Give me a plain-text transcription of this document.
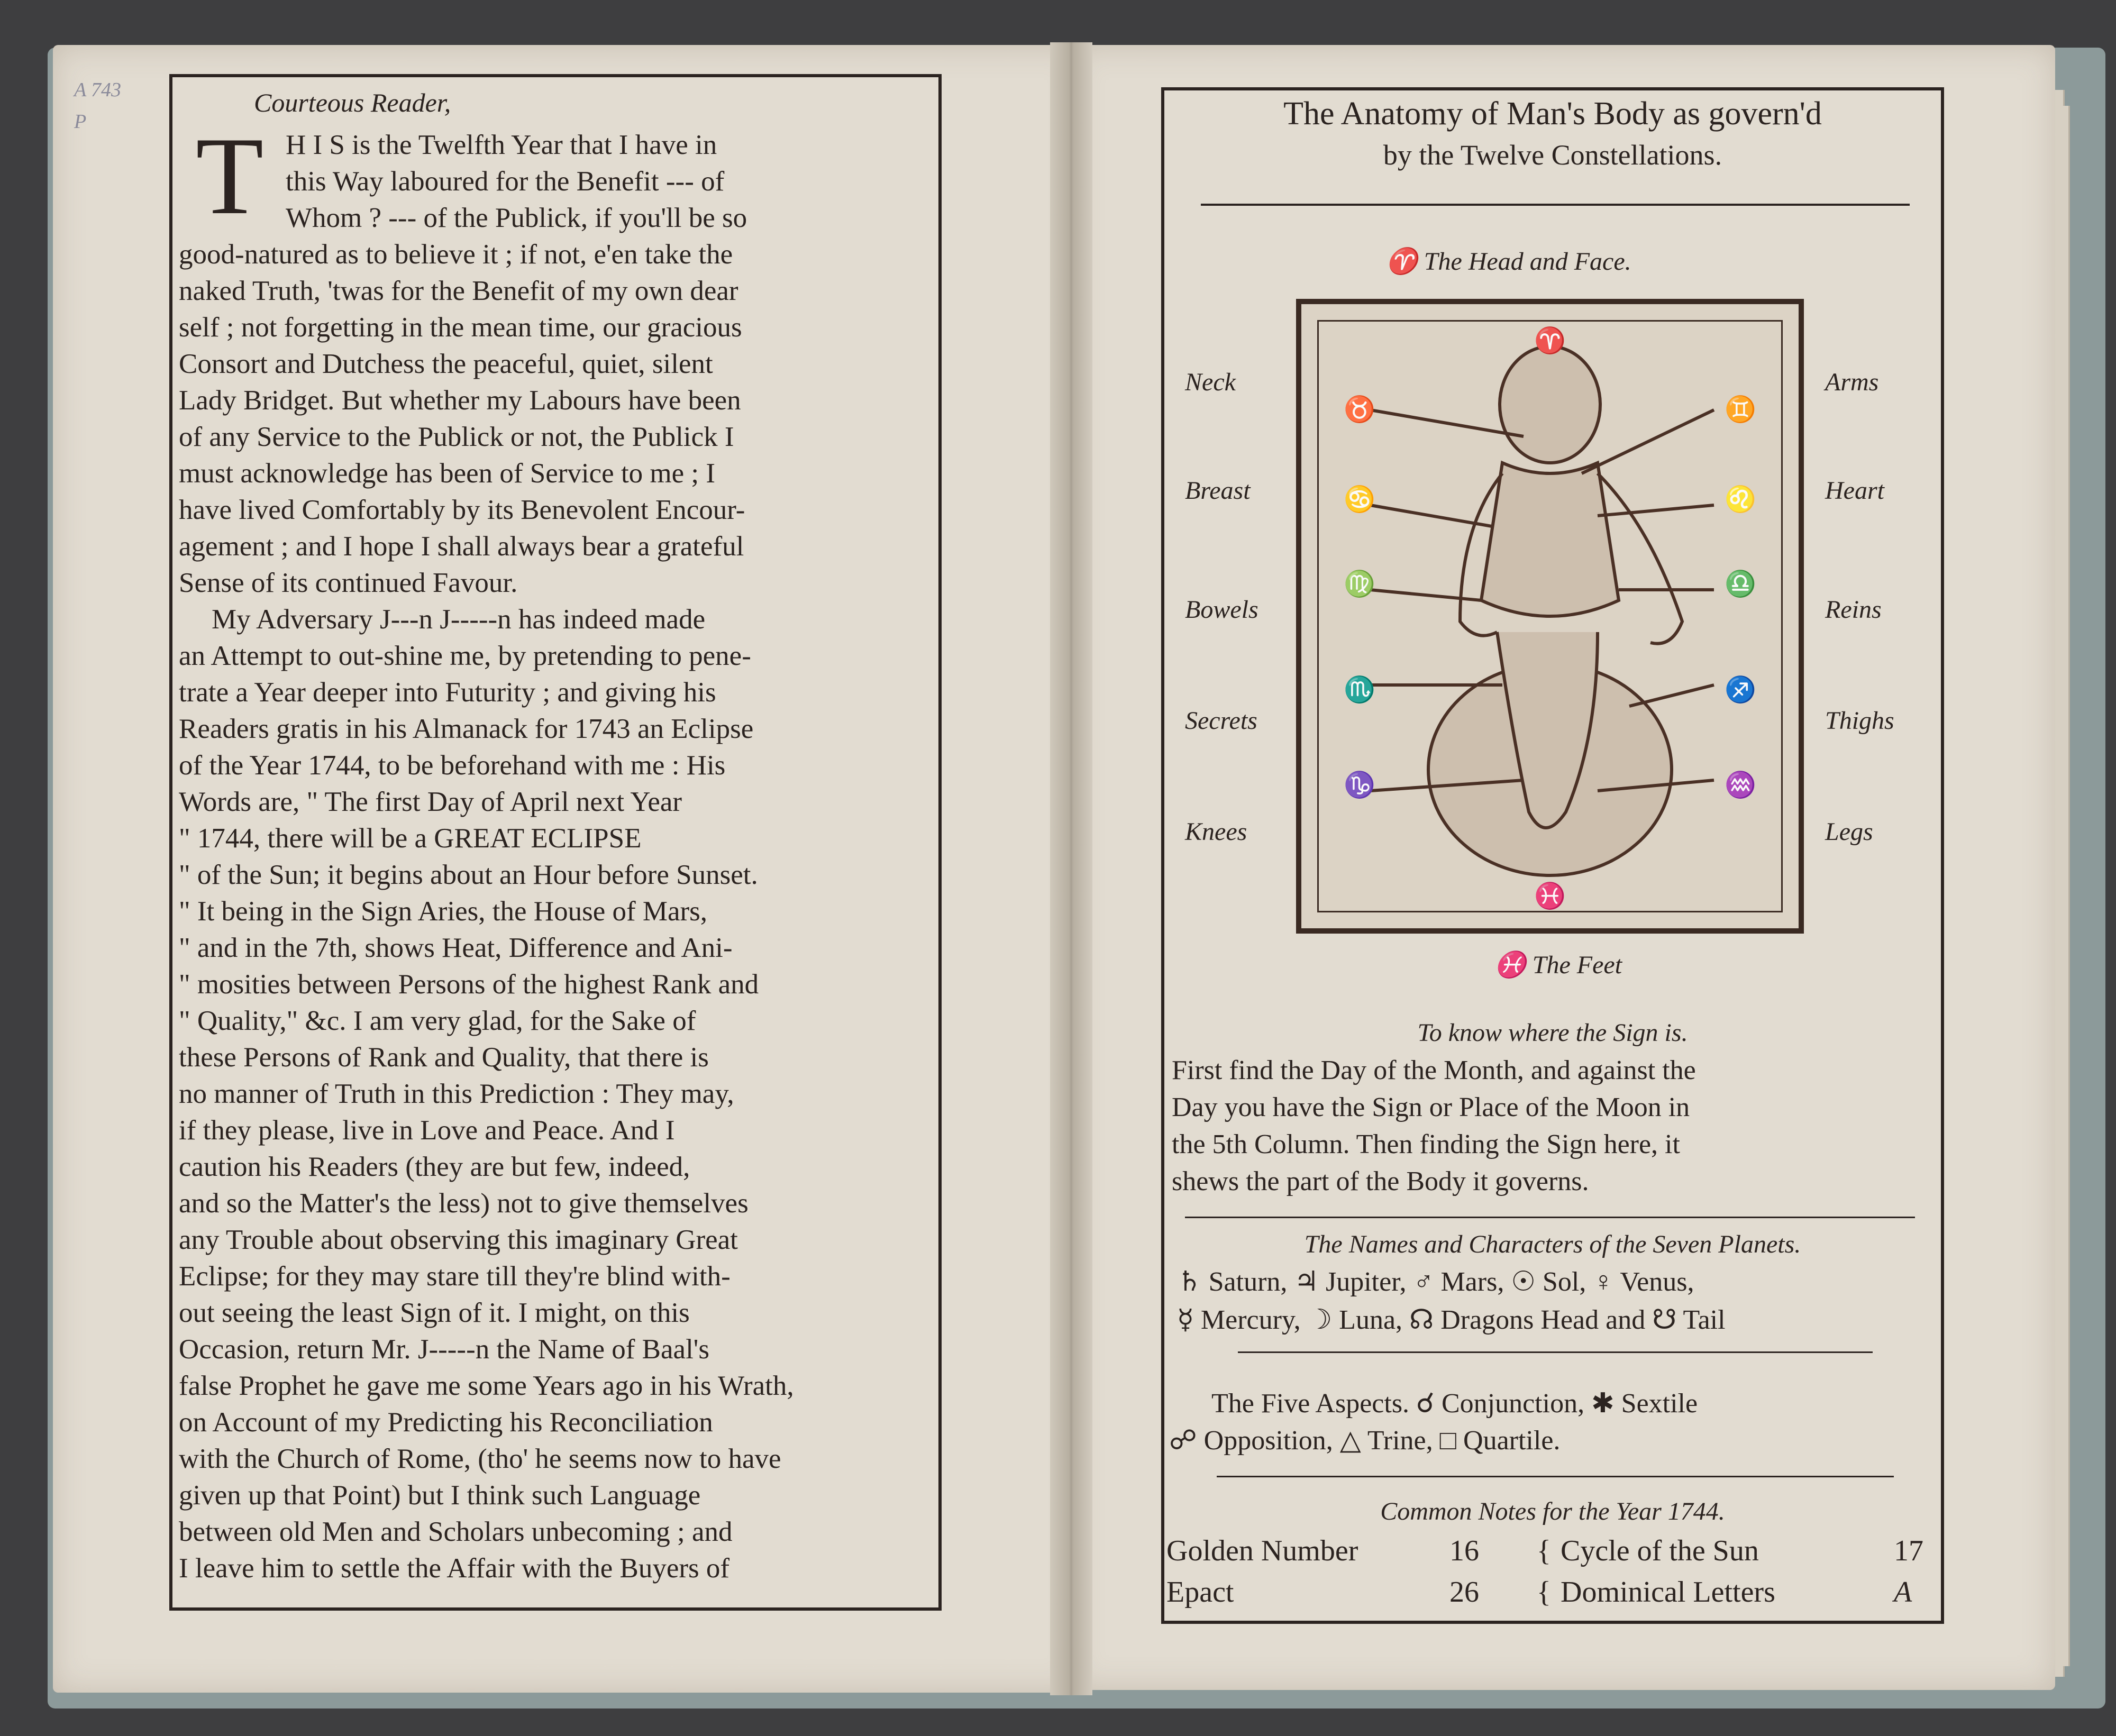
A 743 P
Courteous Reader,
T H I S is the Twelfth Year that I have in
this Way laboured for the Benefit --- of
Whom ? --- of the Publick, if you'll be so
good-natured as to believe it ; if not, e'en take the
naked Truth, 'twas for the Benefit of my own dear
self ; not forgetting in the mean time, our gracious
Consort and Dutchess the peaceful, quiet, silent
Lady Bridget. But whether my Labours have been
of any Service to the Publick or not, the Publick I
must acknowledge has been of Service to me ; I
have lived Comfortably by its Benevolent Encour-
agement ; and I hope I shall always bear a grateful
Sense of its continued Favour.
My Adversary J---n J-----n has indeed made
an Attempt to out-shine me, by pretending to pene-
trate a Year deeper into Futurity ; and giving his
Readers gratis in his Almanack for 1743 an Eclipse
of the Year 1744, to be beforehand with me : His
Words are, " The first Day of April next Year
" 1744, there will be a GREAT ECLIPSE
" of the Sun; it begins about an Hour before Sunset.
" It being in the Sign Aries, the House of Mars,
" and in the 7th, shows Heat, Difference and Ani-
" mosities between Persons of the highest Rank and
" Quality," &c. I am very glad, for the Sake of
these Persons of Rank and Quality, that there is
no manner of Truth in this Prediction : They may,
if they please, live in Love and Peace. And I
caution his Readers (they are but few, indeed,
and so the Matter's the less) not to give themselves
any Trouble about observing this imaginary Great
Eclipse; for they may stare till they're blind with-
out seeing the least Sign of it. I might, on this
Occasion, return Mr. J-----n the Name of Baal's
false Prophet he gave me some Years ago in his Wrath,
on Account of my Predicting his Reconciliation
with the Church of Rome, (tho' he seems now to have
given up that Point) but I think such Language
between old Men and Scholars unbecoming ; and
I leave him to settle the Affair with the Buyers of
The Anatomy of Man's Body as govern'd
by the Twelve Constellations.
♈ The Head and Face.
♈
♉
♋
♍
♏
♑
♊
♌
♎
♐
♒
♓
Neck
Breast
Bowels
Secrets
Knees
Arms
Heart
Reins
Thighs
Legs
♓ The Feet
To know where the Sign is.
First find the Day of the Month, and against the
Day you have the Sign or Place of the Moon in
the 5th Column. Then finding the Sign here, it
shews the part of the Body it governs.
The Names and Characters of the Seven Planets.
♄ Saturn, ♃ Jupiter, ♂ Mars, ☉ Sol, ♀ Venus,
☿ Mercury, ☽ Luna, ☊ Dragons Head and ☋ Tail
The Five Aspects. ☌ Conjunction, ✱ Sextile
☍ Opposition, △ Trine, □ Quartile.
Common Notes for the Year 1744.
Golden Number	16	Cycle of the Sun	17
{
Epact	26	Dominical Letters	A
{
